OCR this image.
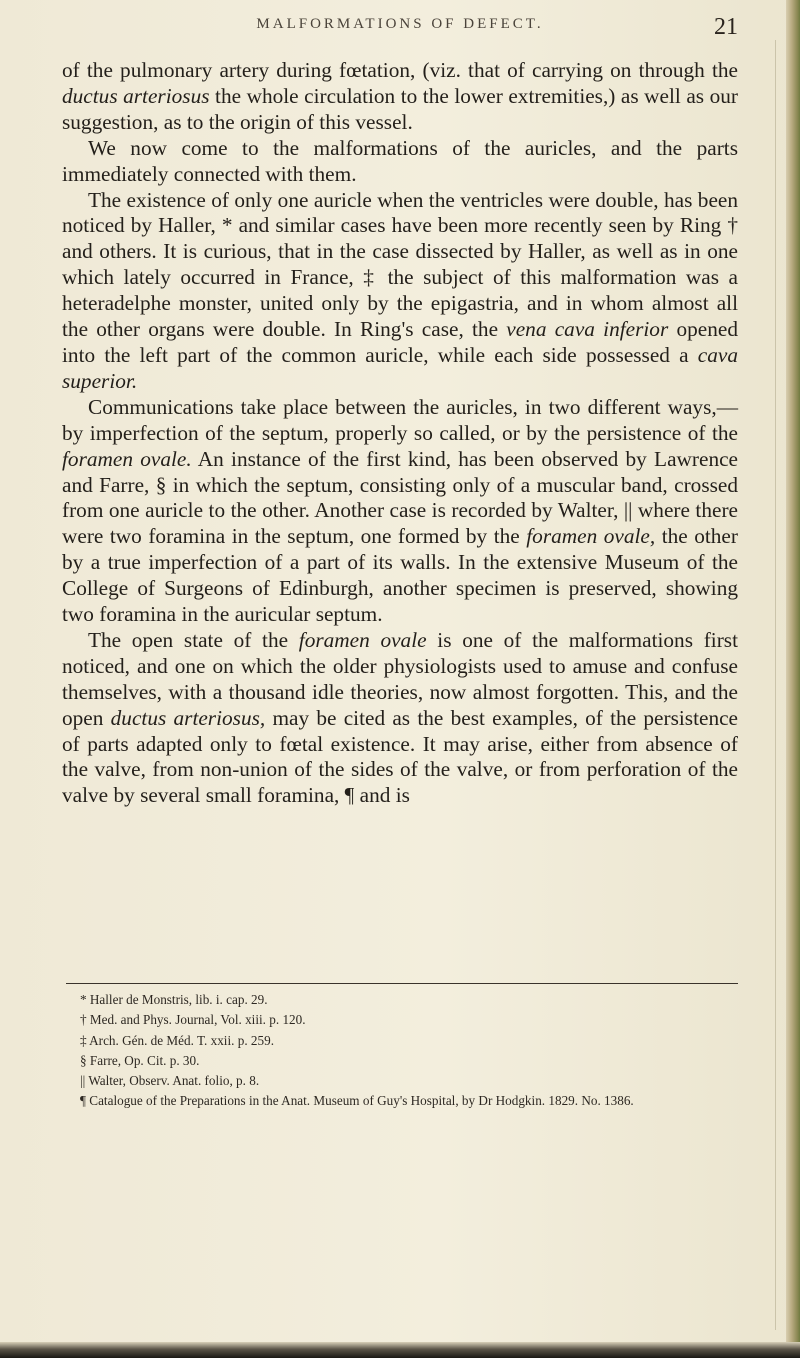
MALFORMATIONS OF DEFECT.	21

of the pulmonary artery during fœtation, (viz. that of carrying on through the ductus arteriosus the whole circulation to the lower extremities,) as well as our suggestion, as to the origin of this vessel.

We now come to the malformations of the auricles, and the parts immediately connected with them.

The existence of only one auricle when the ventricles were double, has been noticed by Haller, * and similar cases have been more recently seen by Ring † and others. It is curious, that in the case dissected by Haller, as well as in one which lately occurred in France, ‡ the subject of this malformation was a heteradelphe monster, united only by the epigastria, and in whom almost all the other organs were double. In Ring's case, the vena cava inferior opened into the left part of the common auricle, while each side possessed a cava superior.

Communications take place between the auricles, in two different ways,—by imperfection of the septum, properly so called, or by the persistence of the foramen ovale. An instance of the first kind, has been observed by Lawrence and Farre, § in which the septum, consisting only of a muscular band, crossed from one auricle to the other. Another case is recorded by Walter, || where there were two foramina in the septum, one formed by the foramen ovale, the other by a true imperfection of a part of its walls. In the extensive Museum of the College of Surgeons of Edinburgh, another specimen is preserved, showing two foramina in the auricular septum.

The open state of the foramen ovale is one of the malformations first noticed, and one on which the older physiologists used to amuse and confuse themselves, with a thousand idle theories, now almost forgotten. This, and the open ductus arteriosus, may be cited as the best examples, of the persistence of parts adapted only to fœtal existence. It may arise, either from absence of the valve, from non-union of the sides of the valve, or from perforation of the valve by several small foramina, ¶ and is

* Haller de Monstris, lib. i. cap. 29.
† Med. and Phys. Journal, Vol. xiii. p. 120.
‡ Arch. Gén. de Méd. T. xxii. p. 259.
§ Farre, Op. Cit. p. 30.
|| Walter, Observ. Anat. folio, p. 8.
¶ Catalogue of the Preparations in the Anat. Museum of Guy's Hospital, by Dr Hodgkin. 1829. No. 1386.
